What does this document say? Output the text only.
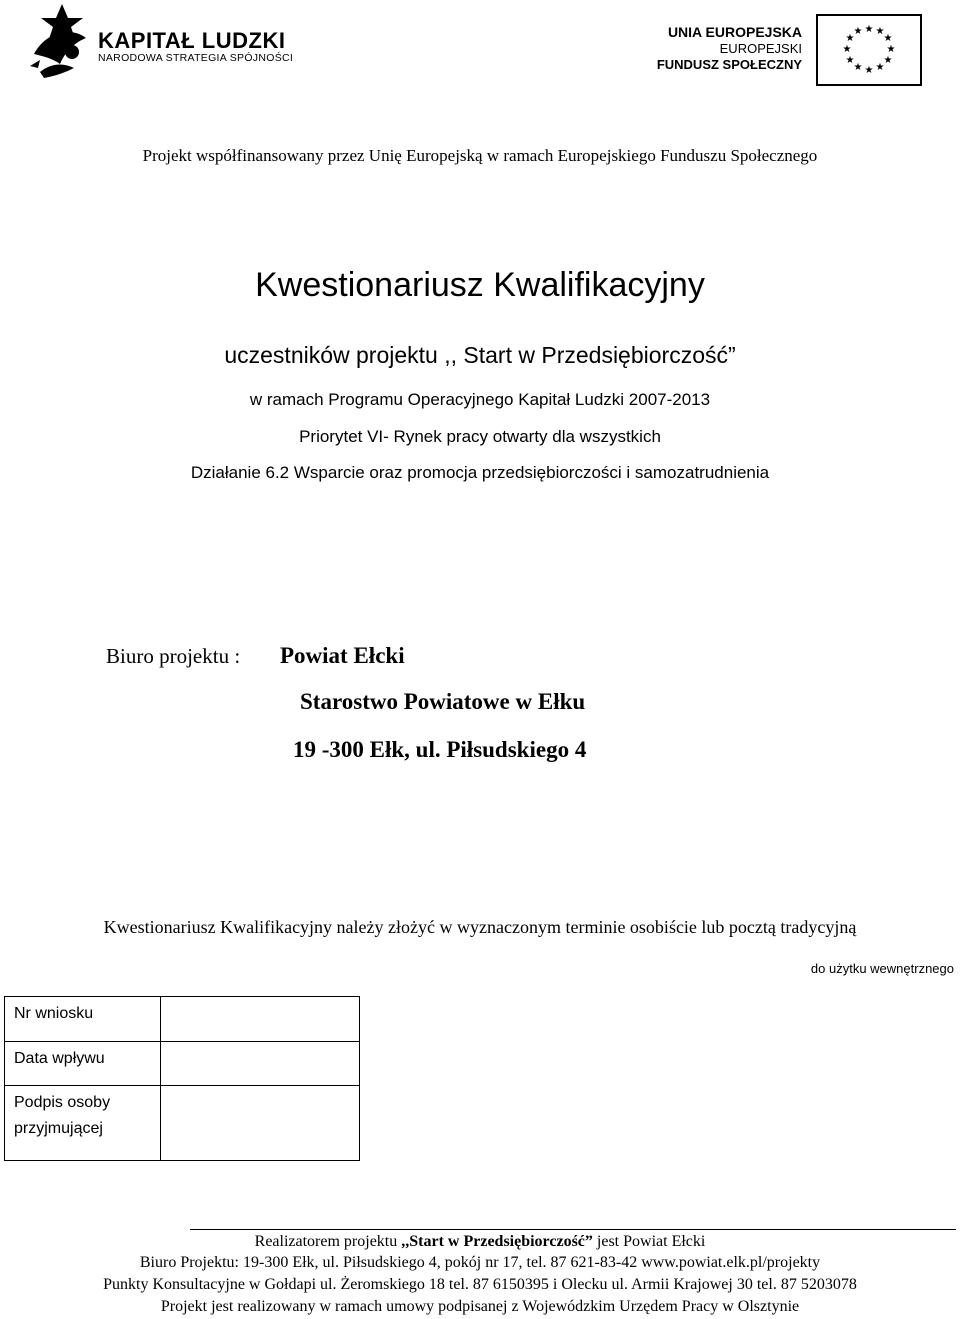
KAPITAŁ LUDZKI
NARODOWA STRATEGIA SPÓJNOŚCI
UNIA EUROPEJSKA
EUROPEJSKI
FUNDUSZ SPOŁECZNY
★ ★
★
★
★
★
★
★
★
★
★
★
Projekt współfinansowany przez Unię Europejską w ramach Europejskiego Funduszu Społecznego
Kwestionariusz Kwalifikacyjny
uczestników projektu ,, Start w Przedsiębiorczość”
w ramach Programu Operacyjnego Kapitał Ludzki 2007-2013
Priorytet VI- Rynek pracy otwarty dla wszystkich
Działanie 6.2 Wsparcie oraz promocja przedsiębiorczości i samozatrudnienia
Biuro projektu : Powiat Ełcki
Starostwo Powiatowe w Ełku
19 -300 Ełk, ul. Piłsudskiego 4
Kwestionariusz Kwalifikacyjny należy złożyć w wyznaczonym terminie osobiście lub pocztą tradycyjną
do użytku wewnętrznego
Nr wniosku	
Data wpływu	
Podpis osoby przyjmującej	
Realizatorem projektu ,,Start w Przedsiębiorczość” jest Powiat Ełcki
Biuro Projektu: 19-300 Ełk, ul. Piłsudskiego 4, pokój nr 17, tel. 87 621-83-42 www.powiat.elk.pl/projekty
Punkty Konsultacyjne w Gołdapi ul. Żeromskiego 18 tel. 87 6150395 i Olecku ul. Armii Krajowej 30 tel. 87 5203078
Projekt jest realizowany w ramach umowy podpisanej z Wojewódzkim Urzędem Pracy w Olsztynie
